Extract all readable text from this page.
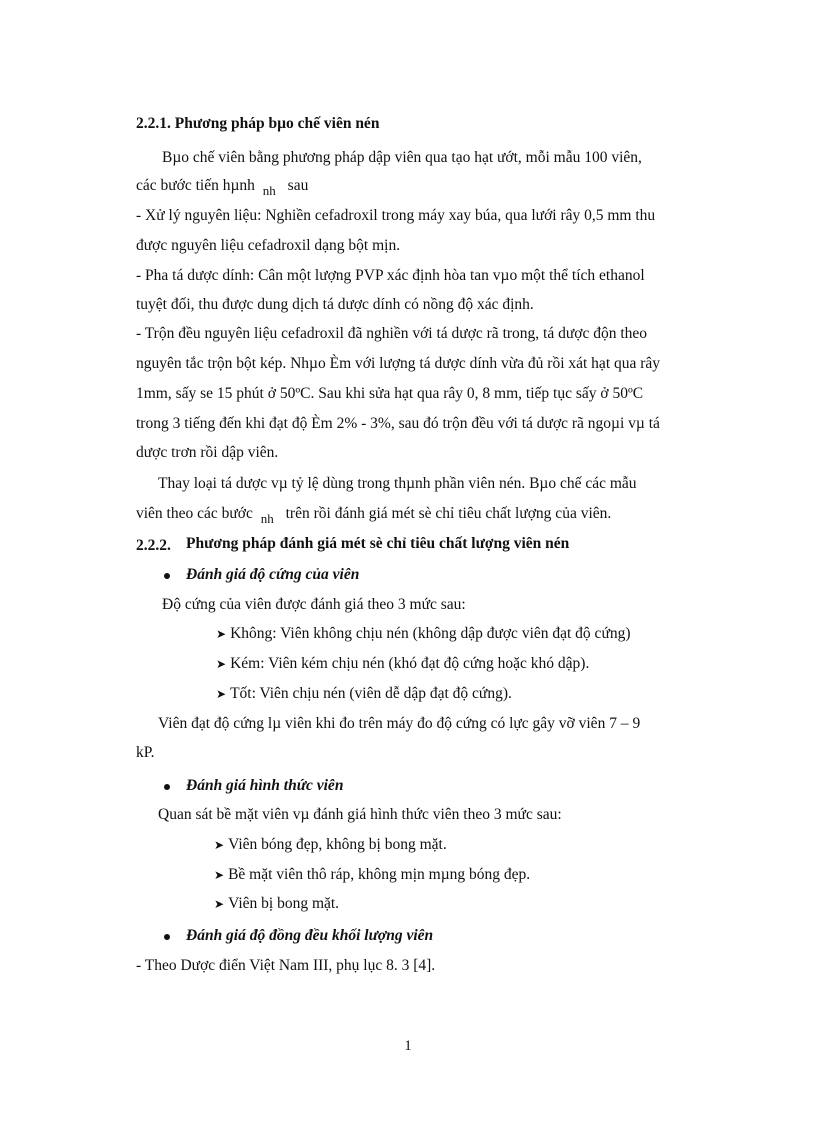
2.2.1. Phương pháp bµo chế viên nén
Bµo chế viên bằng phương pháp dập viên qua tạo hạt ướt, mỗi mẫu 100 viên,
các bước tiến hµnh $_{nh}$ sau
- Xử lý nguyên liệu: Nghiền cefadroxil trong máy xay búa, qua lưới rây 0,5 mm thu
được nguyên liệu cefadroxil dạng bột mịn.
- Pha tá dược dính: Cân một lượng PVP xác định hòa tan vµo một thể tích ethanol
tuyệt đối, thu được dung dịch tá dược dính có nồng độ xác định.
- Trộn đều nguyên liệu cefadroxil đã nghiền với tá dược rã trong, tá dược độn theo
nguyên tắc trộn bột kép. Nhµo Èm với lượng tá dược dính vừa đủ rồi xát hạt qua rây
1mm, sấy se 15 phút ở 50ºC. Sau khi sửa hạt qua rây 0, 8 mm, tiếp tục sấy ở 50ºC
trong 3 tiếng đến khi đạt độ Èm 2% - 3%, sau đó trộn đều với tá dược rã ngoµi vµ tá
dược trơn rồi dập viên.
Thay loại tá dược vµ tỷ lệ dùng trong thµnh phần viên nén. Bµo chế các mẫu
viên theo các bước $_{nh}$ trên rồi đánh giá mét sè chỉ tiêu chất lượng của viên.
2.2.2. Phương pháp đánh giá mét sè chỉ tiêu chất lượng viên nén
Đánh giá độ cứng của viên
Độ cứng của viên được đánh giá theo 3 mức sau:
➤ Không: Viên không chịu nén (không dập được viên đạt độ cứng)
➤ Kém: Viên kém chịu nén (khó đạt độ cứng hoặc khó dập).
➤ Tốt: Viên chịu nén (viên dễ dập đạt độ cứng).
Viên đạt độ cứng lµ viên khi đo trên máy đo độ cứng có lực gây vỡ viên 7 – 9
kP.
Đánh giá hình thức viên
Quan sát bề mặt viên vµ đánh giá hình thức viên theo 3 mức sau:
➤ Viên bóng đẹp, không bị bong mặt.
➤ Bề mặt viên thô ráp, không mịn mµng bóng đẹp.
➤ Viên bị bong mặt.
Đánh giá độ đồng đều khối lượng viên
- Theo Dược điển Việt Nam III, phụ lục 8. 3 [4].
1
